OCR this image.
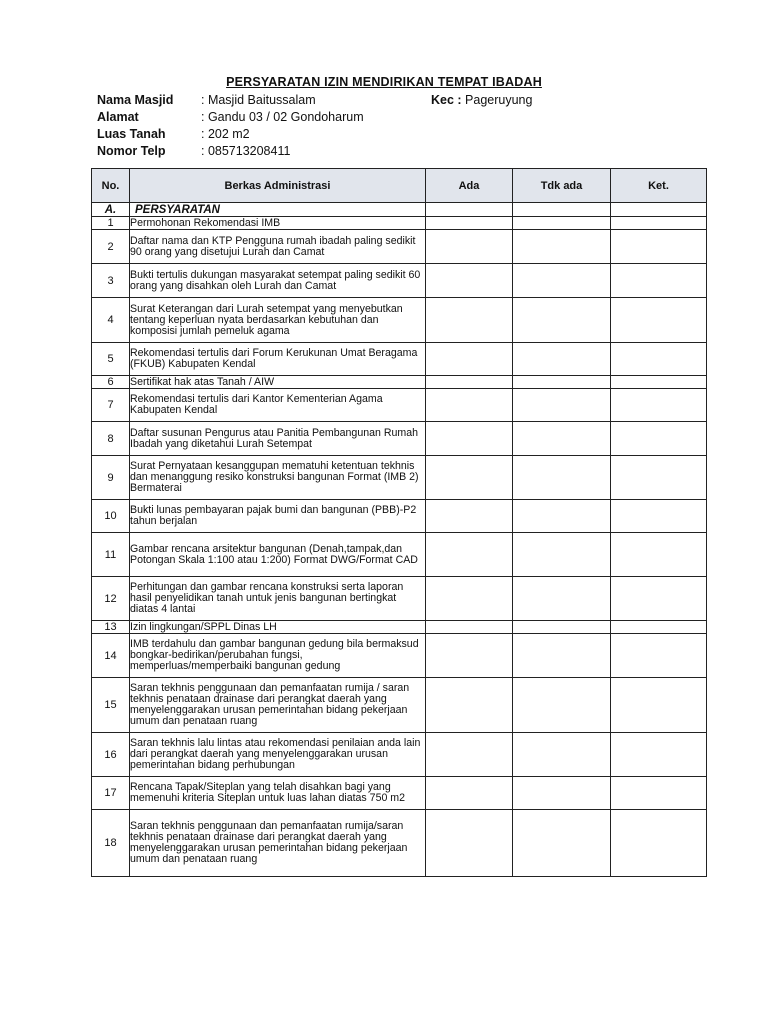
PERSYARATAN IZIN MENDIRIKAN TEMPAT IBADAH
Nama Masjid : Masjid Baitussalam	Kec : Pageruyung
Alamat	: Gandu 03 / 02 Gondoharum
Luas Tanah	: 202 m2
Nomor Telp	: 085713208411
No.	Berkas Administrasi	Ada	Tdk ada	Ket.
A.	PERSYARATAN			
1	Permohonan Rekomendasi IMB			
2	Daftar nama dan KTP Pengguna rumah ibadah paling sedikit 90 orang yang disetujui Lurah dan Camat			
3	Bukti tertulis dukungan masyarakat setempat paling sedikit 60 orang yang disahkan oleh Lurah dan Camat			
4	Surat Keterangan dari Lurah setempat yang menyebutkan tentang keperluan nyata berdasarkan kebutuhan dan komposisi jumlah pemeluk agama			
5	Rekomendasi tertulis dari Forum Kerukunan Umat Beragama (FKUB) Kabupaten Kendal			
6	Sertifikat hak atas Tanah / AIW			
7	Rekomendasi tertulis dari Kantor Kementerian Agama Kabupaten Kendal			
8	Daftar susunan Pengurus atau Panitia Pembangunan Rumah Ibadah yang diketahui Lurah Setempat			
9	Surat Pernyataan kesanggupan mematuhi ketentuan tekhnis dan menanggung resiko konstruksi bangunan Format (IMB 2) Bermaterai			
10	Bukti lunas pembayaran pajak bumi dan bangunan (PBB)-P2 tahun berjalan			
11	Gambar rencana arsitektur bangunan (Denah,tampak,dan Potongan Skala 1:100 atau 1:200) Format DWG/Format CAD			
12	Perhitungan dan gambar rencana konstruksi serta laporan hasil penyelidikan tanah untuk jenis bangunan bertingkat diatas 4 lantai			
13	Izin lingkungan/SPPL Dinas LH			
14	IMB terdahulu dan gambar bangunan gedung bila bermaksud bongkar-bedirikan/perubahan fungsi, memperluas/memperbaiki bangunan gedung			
15	Saran tekhnis penggunaan dan pemanfaatan rumija / saran tekhnis penataan drainase dari perangkat daerah yang menyelenggarakan urusan pemerintahan bidang pekerjaan umum dan penataan ruang			
16	Saran tekhnis lalu lintas atau rekomendasi penilaian anda lain dari perangkat daerah yang menyelenggarakan urusan pemerintahan bidang perhubungan			
17	Rencana Tapak/Siteplan yang telah disahkan bagi yang memenuhi kriteria Siteplan untuk luas lahan diatas 750 m2			
18	Saran tekhnis penggunaan dan pemanfaatan rumija/saran tekhnis penataan drainase dari perangkat daerah yang menyelenggarakan urusan pemerintahan bidang pekerjaan umum dan penataan ruang			
